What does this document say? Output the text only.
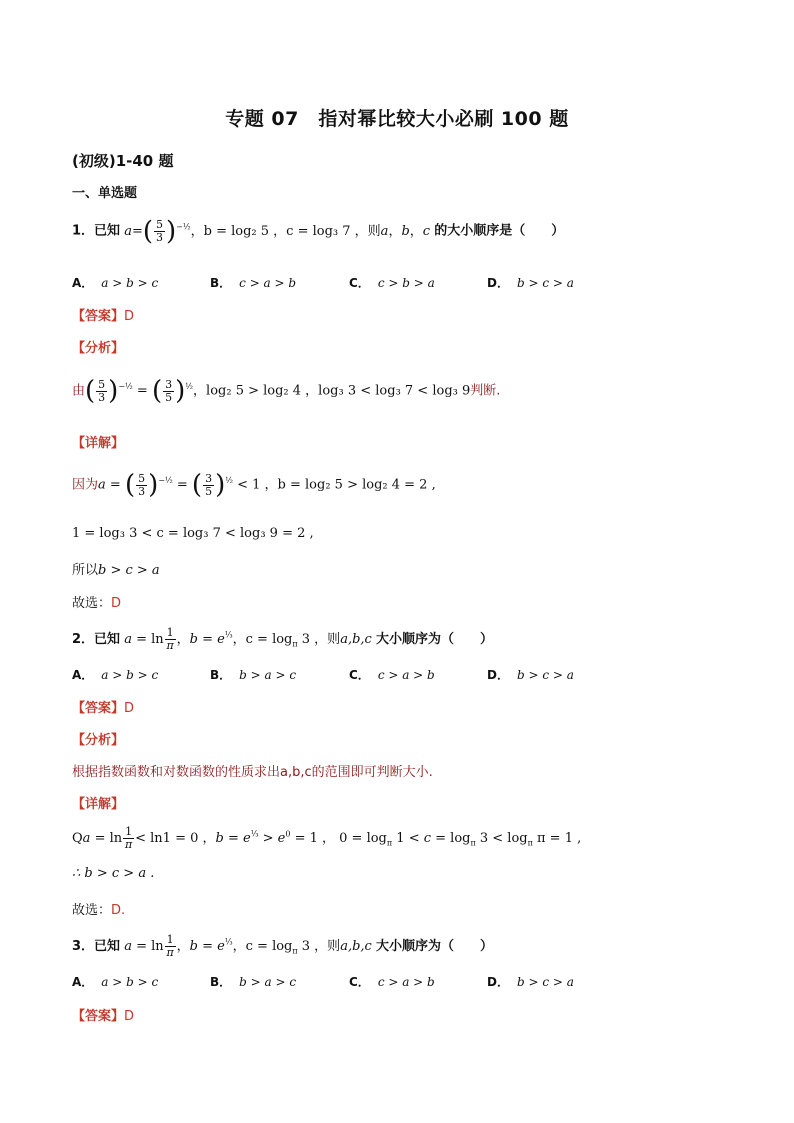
专题 07　指对幂比较大小必刷 100 题
(初级)1-40 题
一、单选题
1．已知 $a=( \frac{5}{3} )^{-\frac{1}{2}}$，b = log₂ 5 ，c = log₃ 7 ，则a，b，c 的大小顺序是（　　）
A． a > b > c	B． c > a > b	C． c > b > a	D． b > c > a
【答案】D
【分析】
由( $\frac{5}{3} )^{-\frac{1}{2}}$ = ( $\frac{3}{5} )^{\frac{1}{2}}$，log₂ 5 > log₂ 4 ，log₃ 3 < log₃ 7 < log₃ 9判断.
【详解】
因为a = ( $\frac{5}{3} )^{-\frac{1}{2}}$ = ( $\frac{3}{5} )^{\frac{1}{2}} < 1$ ，b = log₂ 5 > log₂ 4 = 2 ,
1 = log₃ 3 < c = log₃ 7 < log₃ 9 = 2 ,
所以b > c > a
故选：D
2．已知 $a = \ln \frac{1}{\pi}$ ，$b = e^{\frac{1}{3}}$，$c = \log_\pi 3$ ，则a,b,c 大小顺序为（　　）
A． a > b > c	B． b > a > c	C． c > a > b	D． b > c > a
【答案】D
【分析】
根据指数函数和对数函数的性质求出a,b,c的范围即可判断大小.
【详解】
$Qa = \ln \frac{1}{\pi} < \ln 1 = 0$ ，$b = e^{\frac{1}{3}} > e^0 = 1$ ， $0 = \log_\pi 1 < c = \log_\pi 3 < \log_\pi \pi = 1$ ,
∴ b > c > a .
故选：D.
3．已知 $a = \ln \frac{1}{\pi}$ ，$b = e^{\frac{1}{3}}$，$c = \log_\pi 3$ ，则a,b,c 大小顺序为（　　）
A． a > b > c	B． b > a > c	C． c > a > b	D． b > c > a
【答案】D
